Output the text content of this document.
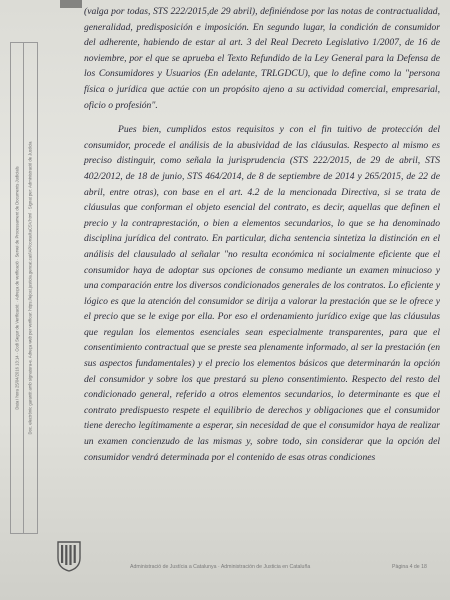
Data i hora 25/04/2016 13:14 · Codi Segur de Verificació: · Adreça de verificació · Servei de Processament de Documents Judicials Doc. electrònic garantit amb signatura-e. Adreça web per verificar: https://ejcat.justicia.gencat.cat/IAP/consultaCSV.html · Signat per: Administració de Justícia

(valga por todas, STS 222/2015,de 29 abril), definiéndose por las notas de contractualidad, generalidad, predisposición e imposición. En segundo lugar, la condición de consumidor del adherente, habiendo de estar al art. 3 del Real Decreto Legislativo 1/2007, de 16 de noviembre, por el que se aprueba el Texto Refundido de la Ley General para la Defensa de los Consumidores y Usuarios (En adelante, TRLGDCU), que lo define como la "persona física o jurídica que actúe con un propósito ajeno a su actividad comercial, empresarial, oficio o profesión".

Pues bien, cumplidos estos requisitos y con el fin tuitivo de protección del consumidor, procede el análisis de la abusividad de las cláusulas. Respecto al mismo es preciso distinguir, como señala la jurisprudencia (STS 222/2015, de 29 de abril, STS 402/2012, de 18 de junio, STS 464/2014, de 8 de septiembre de 2014 y 265/2015, de 22 de abril, entre otras), con base en el art. 4.2 de la mencionada Directiva, si se trata de cláusulas que conforman el objeto esencial del contrato, es decir, aquellas que definen el precio y la contraprestación, o bien a elementos secundarios, lo que se ha denominado disciplina jurídica del contrato. En particular, dicha sentencia sintetiza la distinción en el análisis del clausulado al señalar "no resulta económica ni socialmente eficiente que el consumidor haya de adoptar sus opciones de consumo mediante un examen minucioso y una comparación entre los diversos condicionados generales de los contratos. Lo eficiente y lógico es que la atención del consumidor se dirija a valorar la prestación que se le ofrece y el precio que se le exige por ella. Por eso el ordenamiento jurídico exige que las cláusulas que regulan los elementos esenciales sean especialmente transparentes, para que el consentimiento contractual que se preste sea plenamente informado, al ser la prestación (en sus aspectos fundamentales) y el precio los elementos básicos que determinarán la opción del consumidor y sobre los que prestará su pleno consentimiento. Respecto del resto del condicionado general, referido a otros elementos secundarios, lo determinante es que el contrato predispuesto respete el equilibrio de derechos y obligaciones que el consumidor tiene derecho legítimamente a esperar, sin necesidad de que el consumidor haya de realizar un examen concienzudo de las mismas y, sobre todo, sin considerar que la opción del consumidor vendrá determinada por el contenido de esas otras condiciones

Administració de Justícia a Catalunya · Administración de Justicia en Cataluña	Pàgina 4 de 18
